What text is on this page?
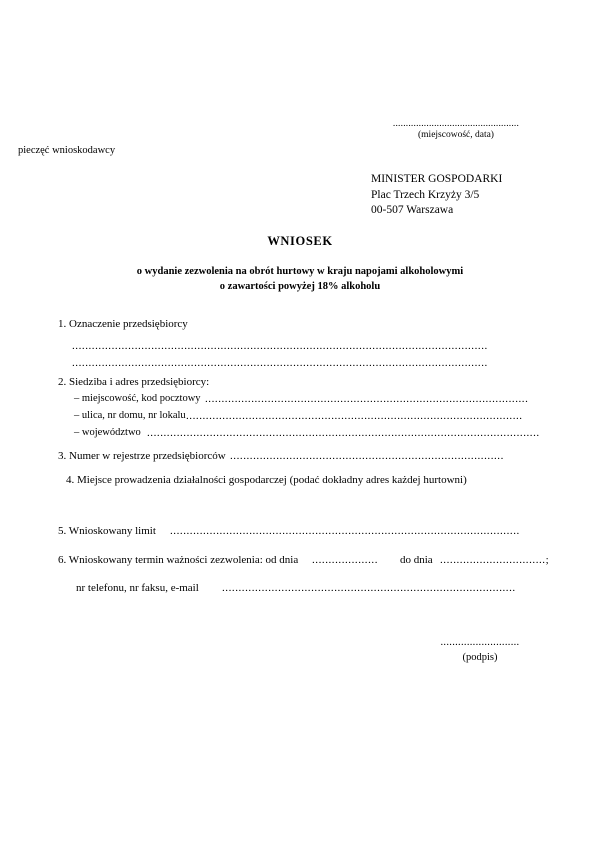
.................................................
(miejscowość, data)
pieczęć wnioskodawcy
MINISTER GOSPODARKI
Plac Trzech Krzyży 3/5
00-507 Warszawa
WNIOSEK
o wydanie zezwolenia na obrót hurtowy w kraju napojami alkoholowymi
o zawartości powyżej 18% alkoholu
1. Oznaczenie przedsiębiorcy
..............................................................................................................................
..............................................................................................................................
2. Siedziba i adres przedsiębiorcy:
– miejscowość, kod pocztowy ..................................................................................................
– ulica, nr domu, nr lokalu ......................................................................................................
– województwo .......................................................................................................................
3. Numer w rejestrze przedsiębiorców ...................................................................................
4. Miejsce prowadzenia działalności gospodarczej (podać dokładny adres każdej hurtowni)
5. Wnioskowany limit ..........................................................................................................
6. Wnioskowany termin ważności zezwolenia: od dnia .................... do dnia ................................;
nr telefonu, nr faksu, e-mail .........................................................................................
...........................
(podpis)
